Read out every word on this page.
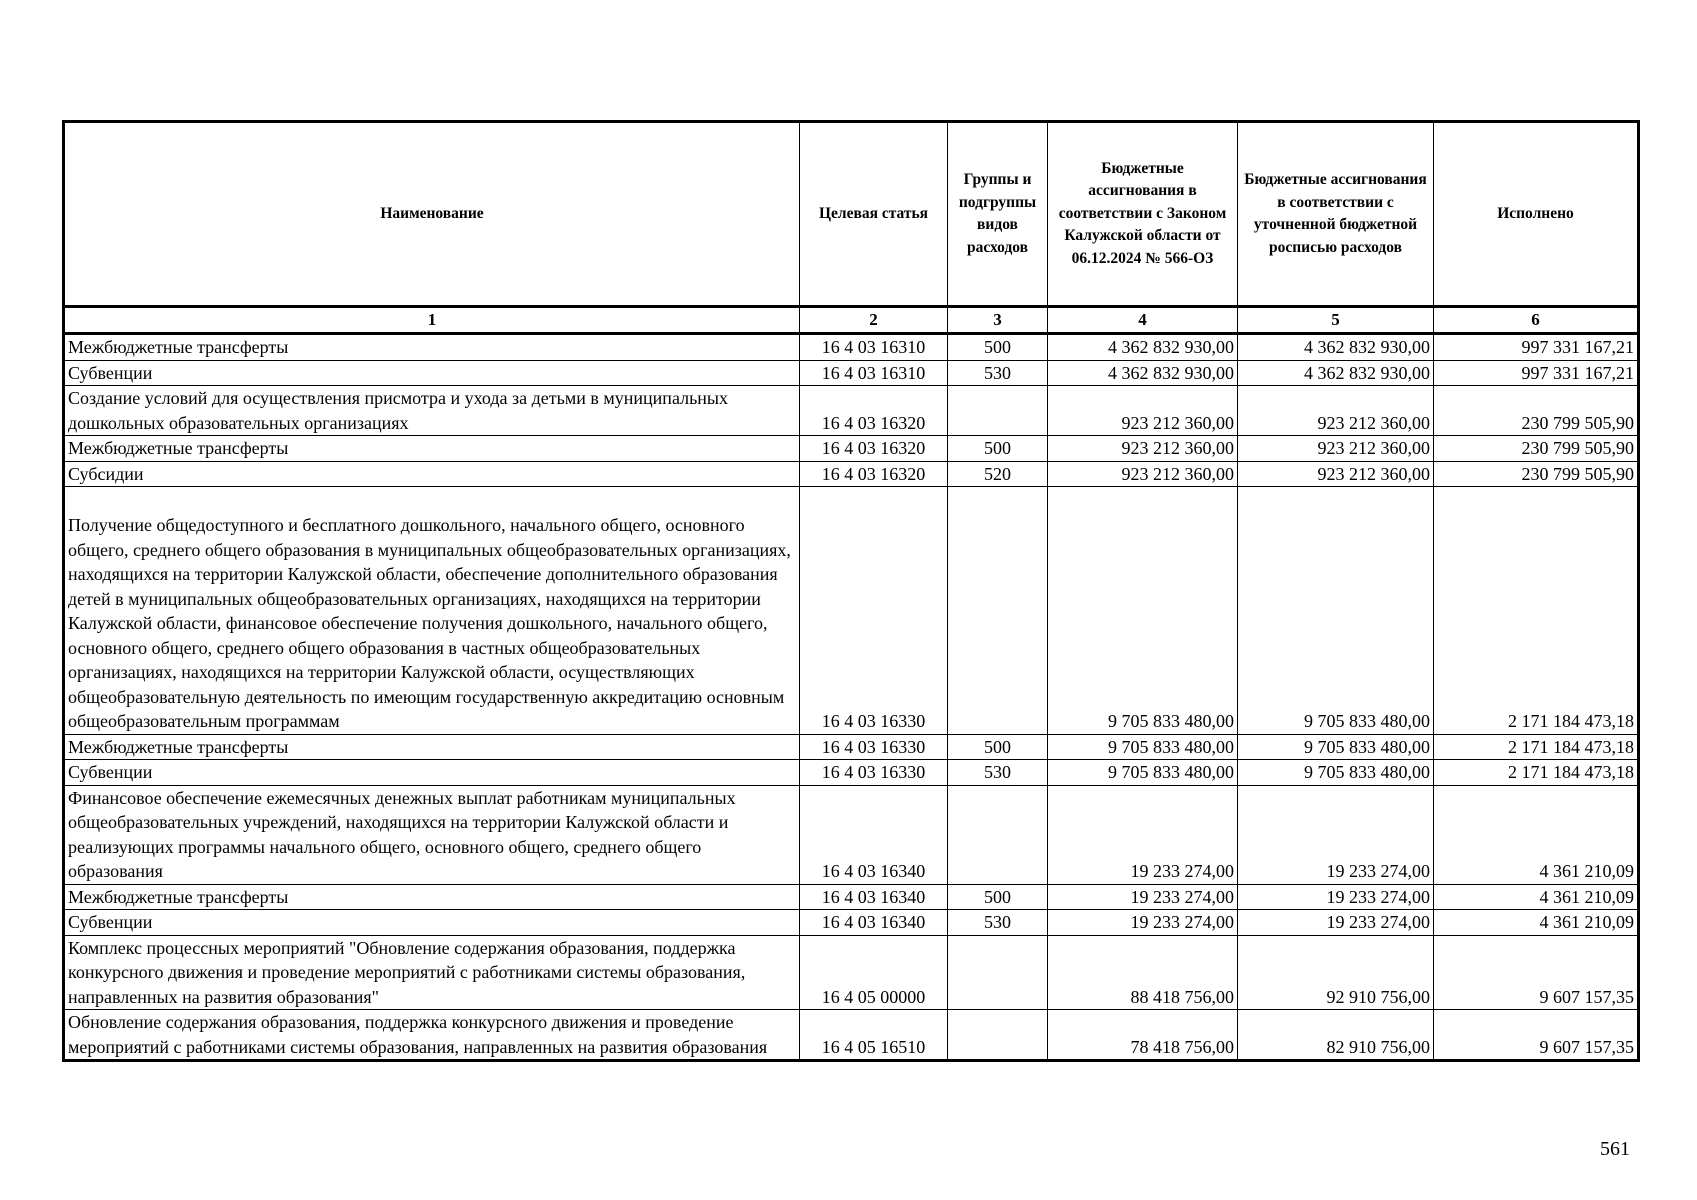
Наименование	Целевая статья	Группы и подгруппы видов расходов	Бюджетные ассигнования в соответствии с Законом Калужской области от 06.12.2024 № 566-ОЗ	Бюджетные ассигнования в соответствии с уточненной бюджетной росписью расходов	Исполнено
1	2	3	4	5	6
Межбюджетные трансферты	16 4 03 16310	500	4 362 832 930,00	4 362 832 930,00	997 331 167,21
Субвенции	16 4 03 16310	530	4 362 832 930,00	4 362 832 930,00	997 331 167,21
Создание условий для осуществления присмотра и ухода за детьми в муниципальных дошкольных образовательных организациях	16 4 03 16320		923 212 360,00	923 212 360,00	230 799 505,90
Межбюджетные трансферты	16 4 03 16320	500	923 212 360,00	923 212 360,00	230 799 505,90
Субсидии	16 4 03 16320	520	923 212 360,00	923 212 360,00	230 799 505,90
Получение общедоступного и бесплатного дошкольного, начального общего, основного общего, среднего общего образования в муниципальных общеобразовательных организациях, находящихся на территории Калужской области, обеспечение дополнительного образования детей в муниципальных общеобразовательных организациях, находящихся на территории Калужской области, финансовое обеспечение получения дошкольного, начального общего, основного общего, среднего общего образования в частных общеобразовательных организациях, находящихся на территории Калужской области, осуществляющих общеобразовательную деятельность по имеющим государственную аккредитацию основным общеобразовательным программам	16 4 03 16330		9 705 833 480,00	9 705 833 480,00	2 171 184 473,18
Межбюджетные трансферты	16 4 03 16330	500	9 705 833 480,00	9 705 833 480,00	2 171 184 473,18
Субвенции	16 4 03 16330	530	9 705 833 480,00	9 705 833 480,00	2 171 184 473,18
Финансовое обеспечение ежемесячных денежных выплат работникам муниципальных общеобразовательных учреждений, находящихся на территории Калужской области и реализующих программы начального общего, основного общего, среднего общего образования	16 4 03 16340		19 233 274,00	19 233 274,00	4 361 210,09
Межбюджетные трансферты	16 4 03 16340	500	19 233 274,00	19 233 274,00	4 361 210,09
Субвенции	16 4 03 16340	530	19 233 274,00	19 233 274,00	4 361 210,09
Комплекс процессных мероприятий "Обновление содержания образования, поддержка конкурсного движения и проведение мероприятий с работниками системы образования, направленных на развития образования"	16 4 05 00000		88 418 756,00	92 910 756,00	9 607 157,35
Обновление содержания образования, поддержка конкурсного движения и проведение мероприятий с работниками системы образования, направленных на развития образования	16 4 05 16510		78 418 756,00	82 910 756,00	9 607 157,35
561
